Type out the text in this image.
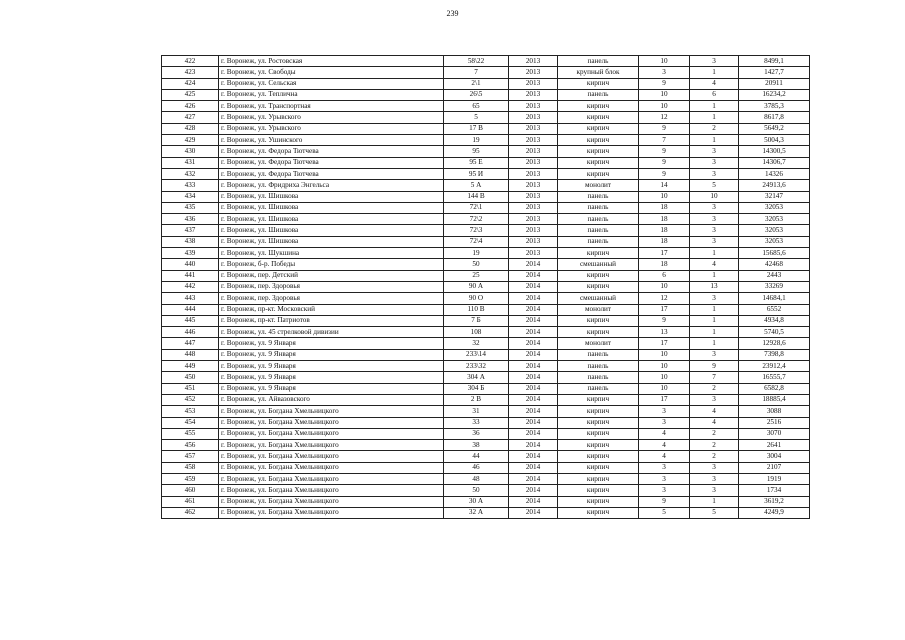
239
422	г. Воронеж, ул. Ростовская	58\22	2013	панель	10	3	8499,1
423	г. Воронеж, ул. Свободы	7	2013	крупный блок	3	1	1427,7
424	г. Воронеж, ул. Сельская	2\1	2013	кирпич	9	4	20911
425	г. Воронеж, ул. Теплична	26\5	2013	панель	10	6	16234,2
426	г. Воронеж, ул. Транспортная	65	2013	кирпич	10	1	3785,3
427	г. Воронеж, ул. Урывского	5	2013	кирпич	12	1	8617,8
428	г. Воронеж, ул. Урывского	17 В	2013	кирпич	9	2	5649,2
429	г. Воронеж, ул. Ушинского	19	2013	кирпич	7	1	5004,3
430	г. Воронеж, ул. Федора Тютчева	95	2013	кирпич	9	3	14300,5
431	г. Воронеж, ул. Федора Тютчева	95 Е	2013	кирпич	9	3	14306,7
432	г. Воронеж, ул. Федора Тютчева	95 И	2013	кирпич	9	3	14326
433	г. Воронеж, ул. Фридриха Энгельса	5 А	2013	монолит	14	5	24913,6
434	г. Воронеж, ул. Шишкова	144 В	2013	панель	10	10	32147
435	г. Воронеж, ул. Шишкова	72\1	2013	панель	18	3	32053
436	г. Воронеж, ул. Шишкова	72\2	2013	панель	18	3	32053
437	г. Воронеж, ул. Шишкова	72\3	2013	панель	18	3	32053
438	г. Воронеж, ул. Шишкова	72\4	2013	панель	18	3	32053
439	г. Воронеж, ул. Шукшина	19	2013	кирпич	17	1	15685,6
440	г. Воронеж, б-р. Победы	50	2014	смешанный	18	4	42468
441	г. Воронеж, пер. Детский	25	2014	кирпич	6	1	2443
442	г. Воронеж, пер. Здоровья	90 А	2014	кирпич	10	13	33269
443	г. Воронеж, пер. Здоровья	90 О	2014	смешанный	12	3	14684,1
444	г. Воронеж, пр-кт. Московский	110 В	2014	монолит	17	1	6552
445	г. Воронеж, пр-кт. Патриотов	7 Б	2014	кирпич	9	1	4934,8
446	г. Воронеж, ул. 45 стрелковой дивизии	108	2014	кирпич	13	1	5740,5
447	г. Воронеж, ул. 9 Января	32	2014	монолит	17	1	12928,6
448	г. Воронеж, ул. 9 Января	233\14	2014	панель	10	3	7398,8
449	г. Воронеж, ул. 9 Января	233\32	2014	панель	10	9	23912,4
450	г. Воронеж, ул. 9 Января	304 А	2014	панель	10	7	16555,7
451	г. Воронеж, ул. 9 Января	304 Б	2014	панель	10	2	6582,8
452	г. Воронеж, ул. Айвазовского	2 В	2014	кирпич	17	3	18885,4
453	г. Воронеж, ул. Богдана Хмельницкого	31	2014	кирпич	3	4	3088
454	г. Воронеж, ул. Богдана Хмельницкого	33	2014	кирпич	3	4	2516
455	г. Воронеж, ул. Богдана Хмельницкого	36	2014	кирпич	4	2	3070
456	г. Воронеж, ул. Богдана Хмельницкого	38	2014	кирпич	4	2	2641
457	г. Воронеж, ул. Богдана Хмельницкого	44	2014	кирпич	4	2	3004
458	г. Воронеж, ул. Богдана Хмельницкого	46	2014	кирпич	3	3	2107
459	г. Воронеж, ул. Богдана Хмельницкого	48	2014	кирпич	3	3	1919
460	г. Воронеж, ул. Богдана Хмельницкого	50	2014	кирпич	3	3	1734
461	г. Воронеж, ул. Богдана Хмельницкого	30 А	2014	кирпич	9	1	3619,2
462	г. Воронеж, ул. Богдана Хмельницкого	32 А	2014	кирпич	5	5	4249,9
